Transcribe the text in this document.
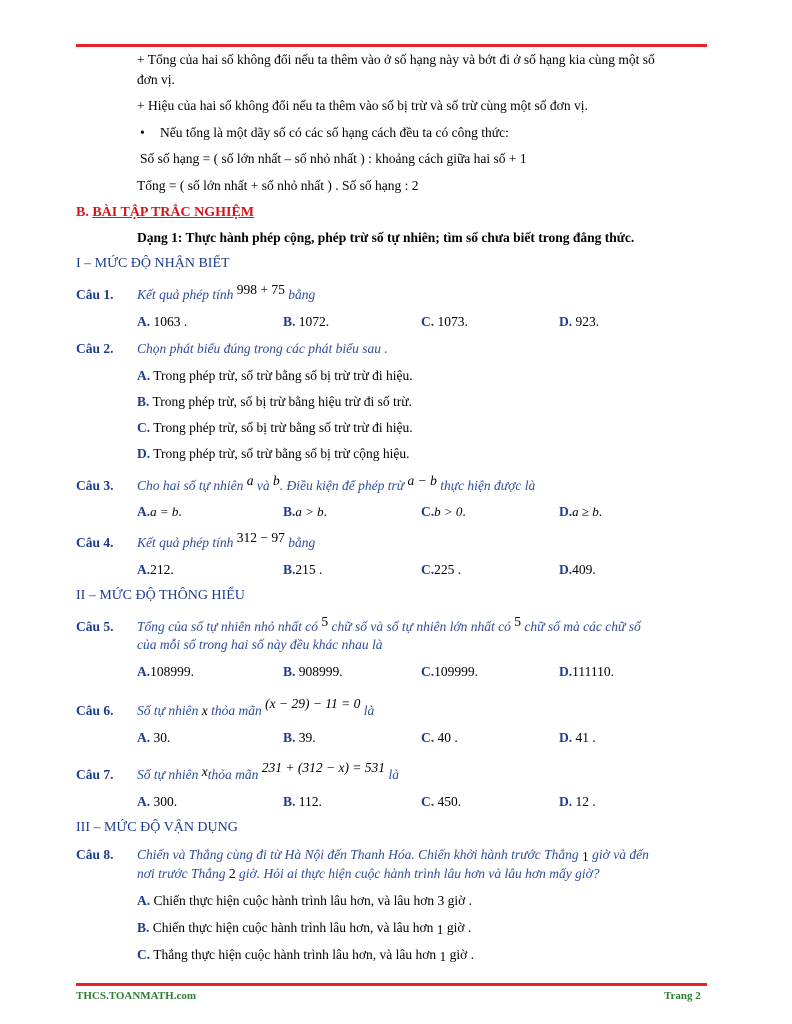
+ Tổng của hai số không đổi nếu ta thêm vào ở số hạng này và bớt đi ở số hạng kia cùng một số
đơn vị.
+ Hiệu của hai số không đổi nếu ta thêm vào số bị trừ và số trừ cùng một số đơn vị.
• Nếu tổng là một dãy số có các số hạng cách đều ta có công thức:
Số số hạng = ( số lớn nhất – số nhỏ nhất ) : khoảng cách giữa hai số + 1
Tổng = ( số lớn nhất + số nhỏ nhất ) . Số số hạng : 2
B. BÀI TẬP TRẮC NGHIỆM
Dạng 1: Thực hành phép cộng, phép trừ số tự nhiên; tìm số chưa biết trong đẳng thức.
I – MỨC ĐỘ NHẬN BIẾT
Câu 1. Kết quả phép tính 998 + 75 bằng
A. 1063 .	B. 1072.	C. 1073.	D. 923.
Câu 2. Chọn phát biểu đúng trong các phát biểu sau .
A. Trong phép trừ, số trừ bằng số bị trừ trừ đi hiệu.
B. Trong phép trừ, số bị trừ bằng hiệu trừ đi số trừ.
C. Trong phép trừ, số bị trừ bằng số trừ trừ đi hiệu.
D. Trong phép trừ, số trừ bằng số bị trừ cộng hiệu.
Câu 3. Cho hai số tự nhiên a và b. Điều kiện để phép trừ a − b thực hiện được là
A.a = b.	B.a > b.	C.b > 0.	D.a ≥ b.
Câu 4. Kết quả phép tính 312 − 97 bằng
A.212.	B.215 .	C.225 .	D.409.
II – MỨC ĐỘ THÔNG HIỂU
Câu 5. Tổng của số tự nhiên nhỏ nhất có 5 chữ số và số tự nhiên lớn nhất có 5 chữ số mà các chữ số
của mỗi số trong hai số này đều khác nhau là
A.108999.	B. 908999.	C.109999.	D.111110.
Câu 6. Số tự nhiên x thỏa mãn (x − 29) − 11 = 0 là
A. 30.	B. 39.	C. 40 .	D. 41 .
Câu 7. Số tự nhiên xthỏa mãn 231 + (312 − x) = 531 là
A. 300.	B. 112.	C. 450.	D. 12 .
III – MỨC ĐỘ VẬN DỤNG
Câu 8. Chiến và Thắng cùng đi từ Hà Nội đến Thanh Hóa. Chiến khởi hành trước Thắng 1 giờ và đến
nơi trước Thắng 2 giờ. Hỏi ai thực hiện cuộc hành trình lâu hơn và lâu hơn mấy giờ?
A. Chiến thực hiện cuộc hành trình lâu hơn, và lâu hơn 3 giờ .
B. Chiến thực hiện cuộc hành trình lâu hơn, và lâu hơn 1 giờ .
C. Thắng thực hiện cuộc hành trình lâu hơn, và lâu hơn 1 giờ .
THCS.TOANMATH.com	Trang 2
